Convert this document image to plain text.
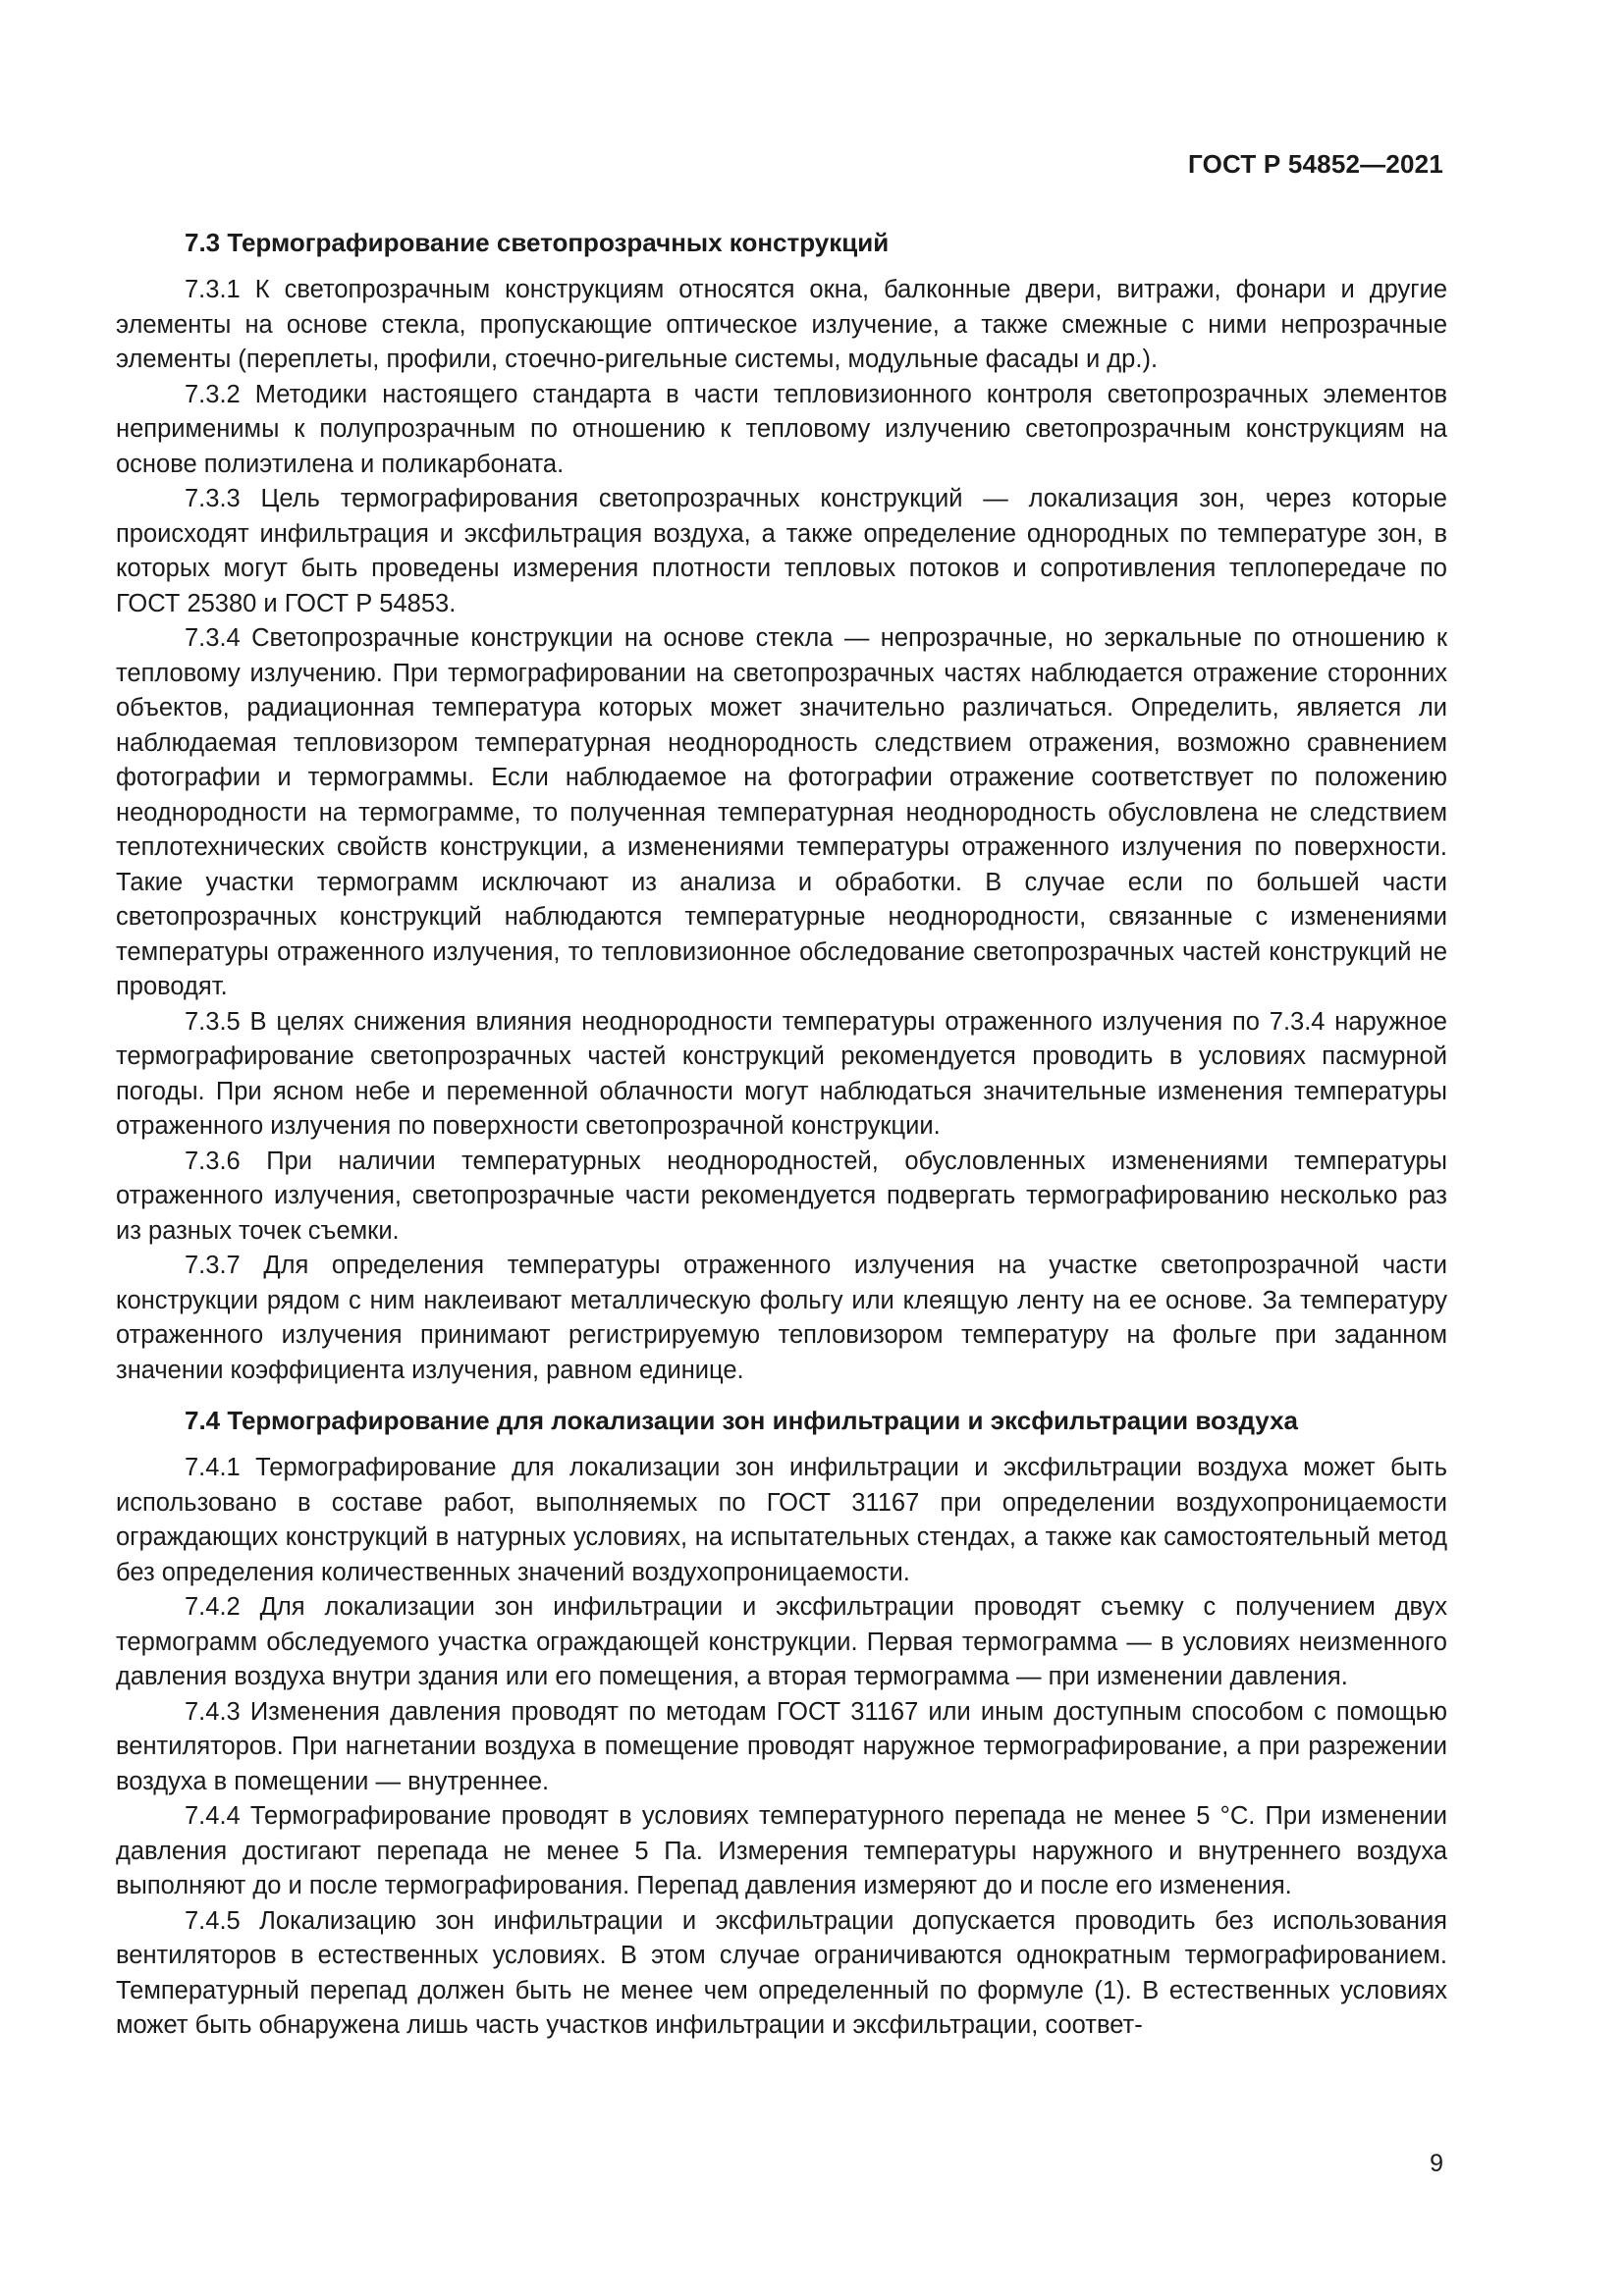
ГОСТ Р 54852—2021
7.3 Термографирование светопрозрачных конструкций

7.3.1 К светопрозрачным конструкциям относятся окна, балконные двери, витражи, фонари и другие элементы на основе стекла, пропускающие оптическое излучение, а также смежные с ними непрозрачные элементы (переплеты, профили, стоечно-ригельные системы, модульные фасады и др.).

7.3.2 Методики настоящего стандарта в части тепловизионного контроля светопрозрачных элементов неприменимы к полупрозрачным по отношению к тепловому излучению светопрозрачным конструкциям на основе полиэтилена и поликарбоната.

7.3.3 Цель термографирования светопрозрачных конструкций — локализация зон, через которые происходят инфильтрация и эксфильтрация воздуха, а также определение однородных по температуре зон, в которых могут быть проведены измерения плотности тепловых потоков и сопротивления теплопередаче по ГОСТ 25380 и ГОСТ Р 54853.

7.3.4 Светопрозрачные конструкции на основе стекла — непрозрачные, но зеркальные по отношению к тепловому излучению. При термографировании на светопрозрачных частях наблюдается отражение сторонних объектов, радиационная температура которых может значительно различаться. Определить, является ли наблюдаемая тепловизором температурная неоднородность следствием отражения, возможно сравнением фотографии и термограммы. Если наблюдаемое на фотографии отражение соответствует по положению неоднородности на термограмме, то полученная температурная неоднородность обусловлена не следствием теплотехнических свойств конструкции, а изменениями температуры отраженного излучения по поверхности. Такие участки термограмм исключают из анализа и обработки. В случае если по большей части светопрозрачных конструкций наблюдаются температурные неоднородности, связанные с изменениями температуры отраженного излучения, то тепловизионное обследование светопрозрачных частей конструкций не проводят.

7.3.5 В целях снижения влияния неоднородности температуры отраженного излучения по 7.3.4 наружное термографирование светопрозрачных частей конструкций рекомендуется проводить в условиях пасмурной погоды. При ясном небе и переменной облачности могут наблюдаться значительные изменения температуры отраженного излучения по поверхности светопрозрачной конструкции.

7.3.6 При наличии температурных неоднородностей, обусловленных изменениями температуры отраженного излучения, светопрозрачные части рекомендуется подвергать термографированию несколько раз из разных точек съемки.

7.3.7 Для определения температуры отраженного излучения на участке светопрозрачной части конструкции рядом с ним наклеивают металлическую фольгу или клеящую ленту на ее основе. За температуру отраженного излучения принимают регистрируемую тепловизором температуру на фольге при заданном значении коэффициента излучения, равном единице.

7.4 Термографирование для локализации зон инфильтрации и эксфильтрации воздуха

7.4.1 Термографирование для локализации зон инфильтрации и эксфильтрации воздуха может быть использовано в составе работ, выполняемых по ГОСТ 31167 при определении воздухопроницаемости ограждающих конструкций в натурных условиях, на испытательных стендах, а также как самостоятельный метод без определения количественных значений воздухопроницаемости.

7.4.2 Для локализации зон инфильтрации и эксфильтрации проводят съемку с получением двух термограмм обследуемого участка ограждающей конструкции. Первая термограмма — в условиях неизменного давления воздуха внутри здания или его помещения, а вторая термограмма — при изменении давления.

7.4.3 Изменения давления проводят по методам ГОСТ 31167 или иным доступным способом с помощью вентиляторов. При нагнетании воздуха в помещение проводят наружное термографирование, а при разрежении воздуха в помещении — внутреннее.

7.4.4 Термографирование проводят в условиях температурного перепада не менее 5 °С. При изменении давления достигают перепада не менее 5 Па. Измерения температуры наружного и внутреннего воздуха выполняют до и после термографирования. Перепад давления измеряют до и после его изменения.

7.4.5 Локализацию зон инфильтрации и эксфильтрации допускается проводить без использования вентиляторов в естественных условиях. В этом случае ограничиваются однократным термографированием. Температурный перепад должен быть не менее чем определенный по формуле (1). В естественных условиях может быть обнаружена лишь часть участков инфильтрации и эксфильтрации, соответ-

9
